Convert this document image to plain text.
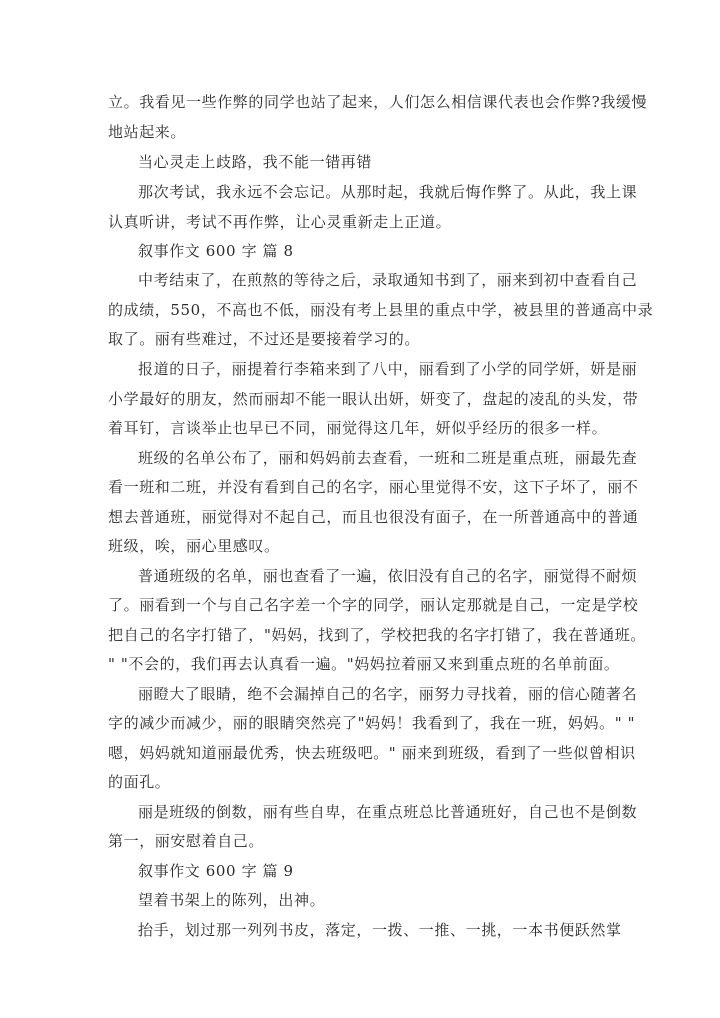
立。我看见一些作弊的同学也站了起来，人们怎么相信课代表也会作弊?我缓慢
地站起来。
当心灵走上歧路，我不能一错再错
那次考试，我永远不会忘记。从那时起，我就后悔作弊了。从此，我上课
认真听讲，考试不再作弊，让心灵重新走上正道。
叙事作文 600 字 篇 8
中考结束了，在煎熬的等待之后，录取通知书到了，丽来到初中查看自己
的成绩，550，不高也不低，丽没有考上县里的重点中学，被县里的普通高中录
取了。丽有些难过，不过还是要接着学习的。
报道的日子，丽提着行李箱来到了八中，丽看到了小学的同学妍，妍是丽
小学最好的朋友，然而丽却不能一眼认出妍，妍变了，盘起的凌乱的头发，带
着耳钉，言谈举止也早已不同，丽觉得这几年，妍似乎经历的很多一样。
班级的名单公布了，丽和妈妈前去查看，一班和二班是重点班，丽最先查
看一班和二班，并没有看到自己的名字，丽心里觉得不安，这下子坏了，丽不
想去普通班，丽觉得对不起自己，而且也很没有面子，在一所普通高中的普通
班级，唉，丽心里感叹。
普通班级的名单，丽也查看了一遍，依旧没有自己的名字，丽觉得不耐烦
了。丽看到一个与自己名字差一个字的同学，丽认定那就是自己，一定是学校
把自己的名字打错了，"妈妈，找到了，学校把我的名字打错了，我在普通班。
" "不会的，我们再去认真看一遍。"妈妈拉着丽又来到重点班的名单前面。
丽瞪大了眼睛，绝不会漏掉自己的名字，丽努力寻找着，丽的信心随著名
字的减少而减少，丽的眼睛突然亮了"妈妈！我看到了，我在一班，妈妈。" "
嗯，妈妈就知道丽最优秀，快去班级吧。" 丽来到班级，看到了一些似曾相识
的面孔。
丽是班级的倒数，丽有些自卑，在重点班总比普通班好，自己也不是倒数
第一，丽安慰着自己。
叙事作文 600 字 篇 9
望着书架上的陈列，出神。
抬手，划过那一列列书皮，落定，一拨、一推、一挑，一本书便跃然掌
